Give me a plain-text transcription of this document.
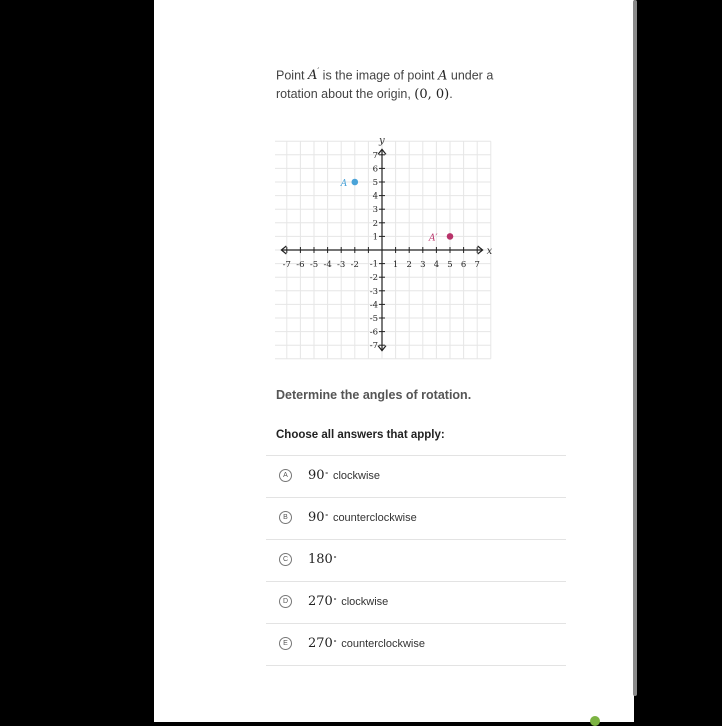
Point A′ is the image of point A under a rotation about the origin, (0, 0).
-7
-7
-6
-6
-5
-5
-4
-4
-3
-3
-2
-2
-1 1
1
2
2
3
3
4
4
5
5
6
6
7
7
x
y
A
A′
Determine the angles of rotation.
Choose all answers that apply:
A	90∘ clockwise
B	90∘ counterclockwise
C	180∘
D	270∘ clockwise
E	270∘ counterclockwise
